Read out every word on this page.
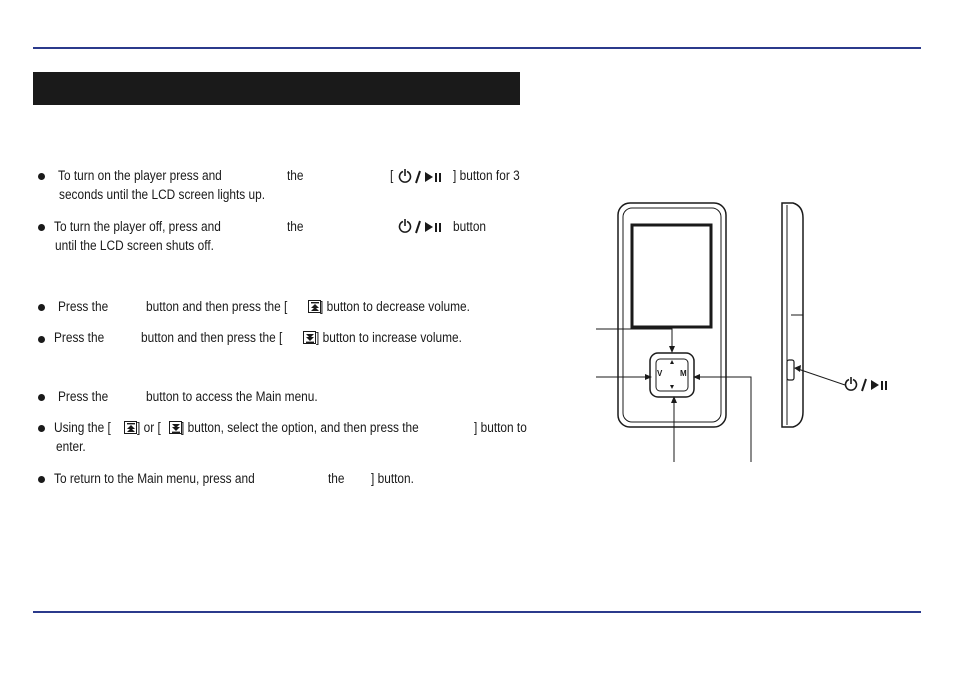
To turn on the player press and	the	[	] button for 3
seconds until the LCD screen lights up.
To turn the player off, press and	the	button
until the LCD screen shuts off.
Press the	button and then press the [ ] button to decrease volume.
Press the	button and then press the [ ] button to increase volume.
Press the	button to access the Main menu.
Using the [ ] or [ ] button, select the option, and then press the	] button to
enter.
To return to the Main menu, press and	the ] button.
V M
